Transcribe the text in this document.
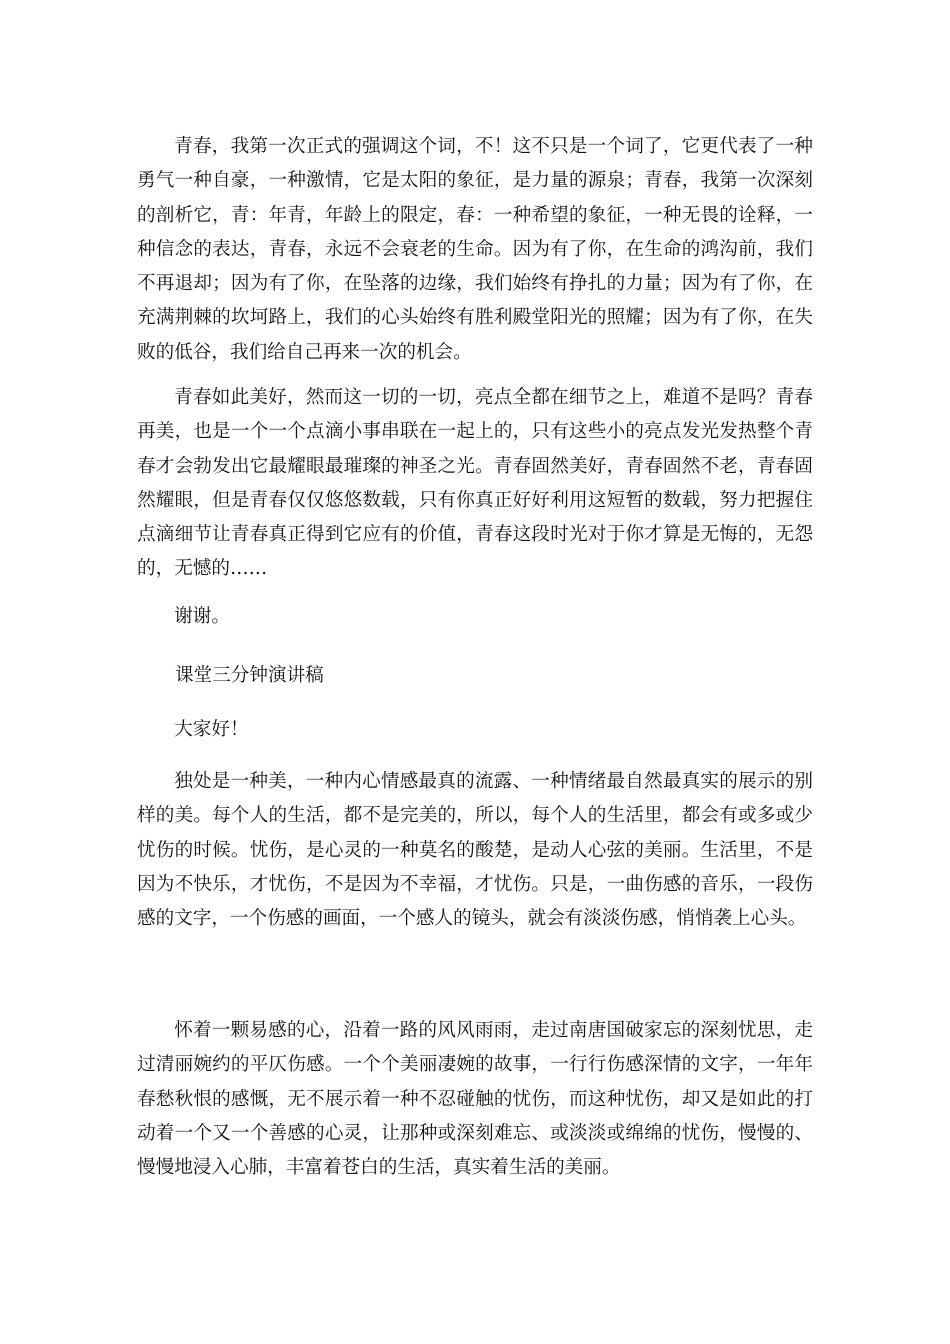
青春，我第一次正式的强调这个词，不！这不只是一个词了，它更代表了一种勇气一种自豪，一种激情，它是太阳的象征，是力量的源泉；青春，我第一次深刻的剖析它，青：年青，年龄上的限定，春：一种希望的象征，一种无畏的诠释，一种信念的表达，青春，永远不会衰老的生命。因为有了你，在生命的鸿沟前，我们不再退却；因为有了你，在坠落的边缘，我们始终有挣扎的力量；因为有了你，在充满荆棘的坎坷路上，我们的心头始终有胜利殿堂阳光的照耀；因为有了你，在失败的低谷，我们给自己再来一次的机会。

青春如此美好，然而这一切的一切，亮点全都在细节之上，难道不是吗？青春再美，也是一个一个点滴小事串联在一起上的，只有这些小的亮点发光发热整个青春才会勃发出它最耀眼最璀璨的神圣之光。青春固然美好，青春固然不老，青春固然耀眼，但是青春仅仅悠悠数载，只有你真正好好利用这短暂的数载，努力把握住点滴细节让青春真正得到它应有的价值，青春这段时光对于你才算是无悔的，无怨的，无憾的……

谢谢。

课堂三分钟演讲稿

大家好！

独处是一种美，一种内心情感最真的流露、一种情绪最自然最真实的展示的别样的美。每个人的生活，都不是完美的，所以，每个人的生活里，都会有或多或少忧伤的时候。忧伤，是心灵的一种莫名的酸楚，是动人心弦的美丽。生活里，不是因为不快乐，才忧伤，不是因为不幸福，才忧伤。只是，一曲伤感的音乐，一段伤感的文字，一个伤感的画面，一个感人的镜头，就会有淡淡伤感，悄悄袭上心头。

怀着一颗易感的心，沿着一路的风风雨雨，走过南唐国破家忘的深刻忧思，走过清丽婉约的平仄伤感。一个个美丽凄婉的故事，一行行伤感深情的文字，一年年春愁秋恨的感慨，无不展示着一种不忍碰触的忧伤，而这种忧伤，却又是如此的打动着一个又一个善感的心灵，让那种或深刻难忘、或淡淡或绵绵的忧伤，慢慢的、慢慢地浸入心肺，丰富着苍白的生活，真实着生活的美丽。
